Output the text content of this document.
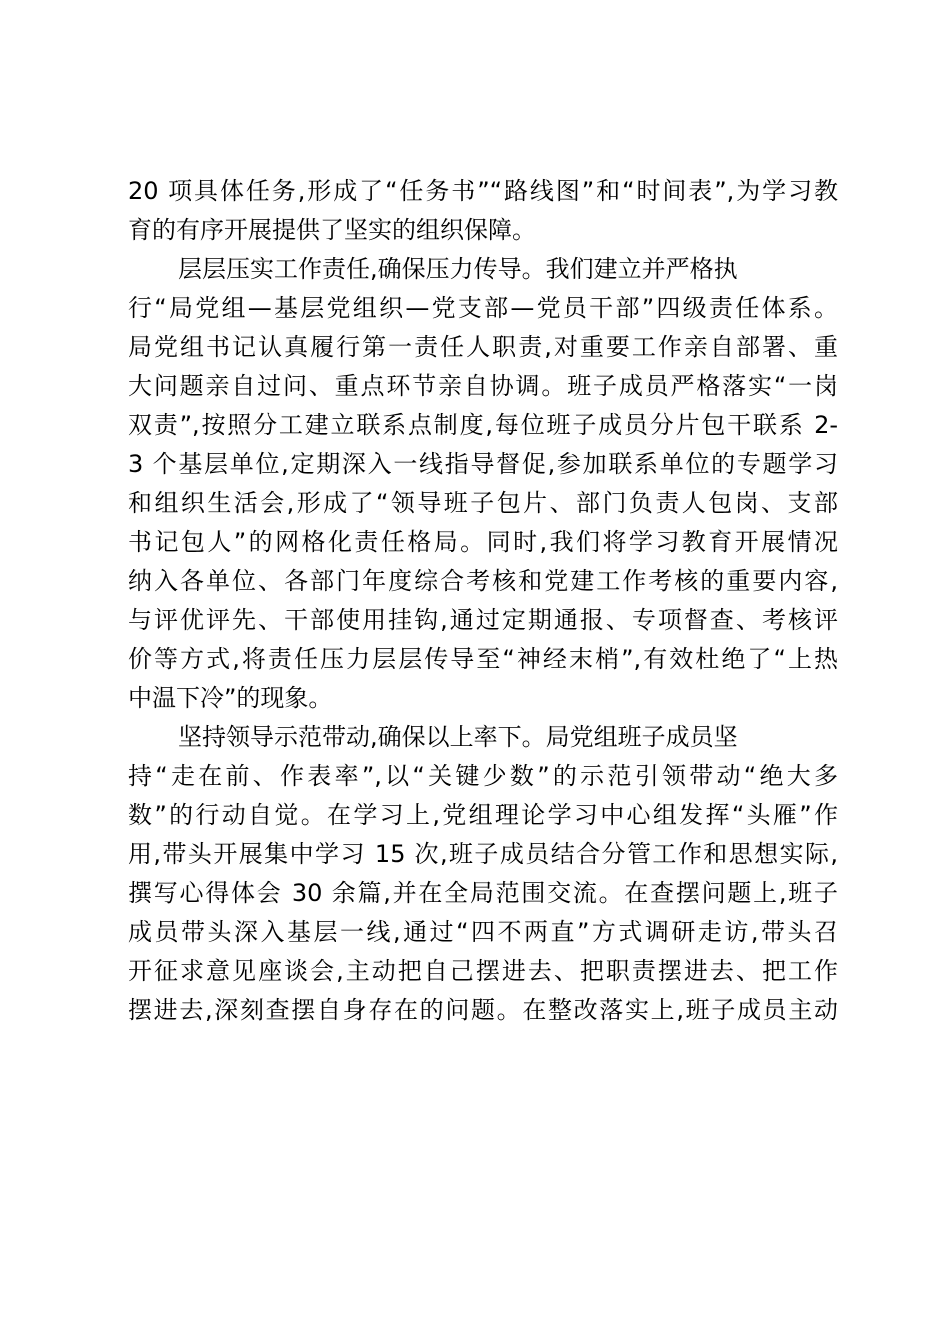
20 项具体任务,形成了“任务书”“路线图”和“时间表”,为学习教
育的有序开展提供了坚实的组织保障。
层层压实工作责任,确保压力传导。我们建立并严格执
行“局党组—基层党组织—党支部—党员干部”四级责任体系。
局党组书记认真履行第一责任人职责,对重要工作亲自部署、重
大问题亲自过问、重点环节亲自协调。班子成员严格落实“一岗
双责”,按照分工建立联系点制度,每位班子成员分片包干联系 2-
3 个基层单位,定期深入一线指导督促,参加联系单位的专题学习
和组织生活会,形成了“领导班子包片、部门负责人包岗、支部
书记包人”的网格化责任格局。同时,我们将学习教育开展情况
纳入各单位、各部门年度综合考核和党建工作考核的重要内容,
与评优评先、干部使用挂钩,通过定期通报、专项督查、考核评
价等方式,将责任压力层层传导至“神经末梢”,有效杜绝了“上热
中温下冷”的现象。
坚持领导示范带动,确保以上率下。局党组班子成员坚
持“走在前、作表率”,以“关键少数”的示范引领带动“绝大多
数”的行动自觉。在学习上,党组理论学习中心组发挥“头雁”作
用,带头开展集中学习 15 次,班子成员结合分管工作和思想实际,
撰写心得体会 30 余篇,并在全局范围交流。在查摆问题上,班子
成员带头深入基层一线,通过“四不两直”方式调研走访,带头召
开征求意见座谈会,主动把自己摆进去、把职责摆进去、把工作
摆进去,深刻查摆自身存在的问题。在整改落实上,班子成员主动
